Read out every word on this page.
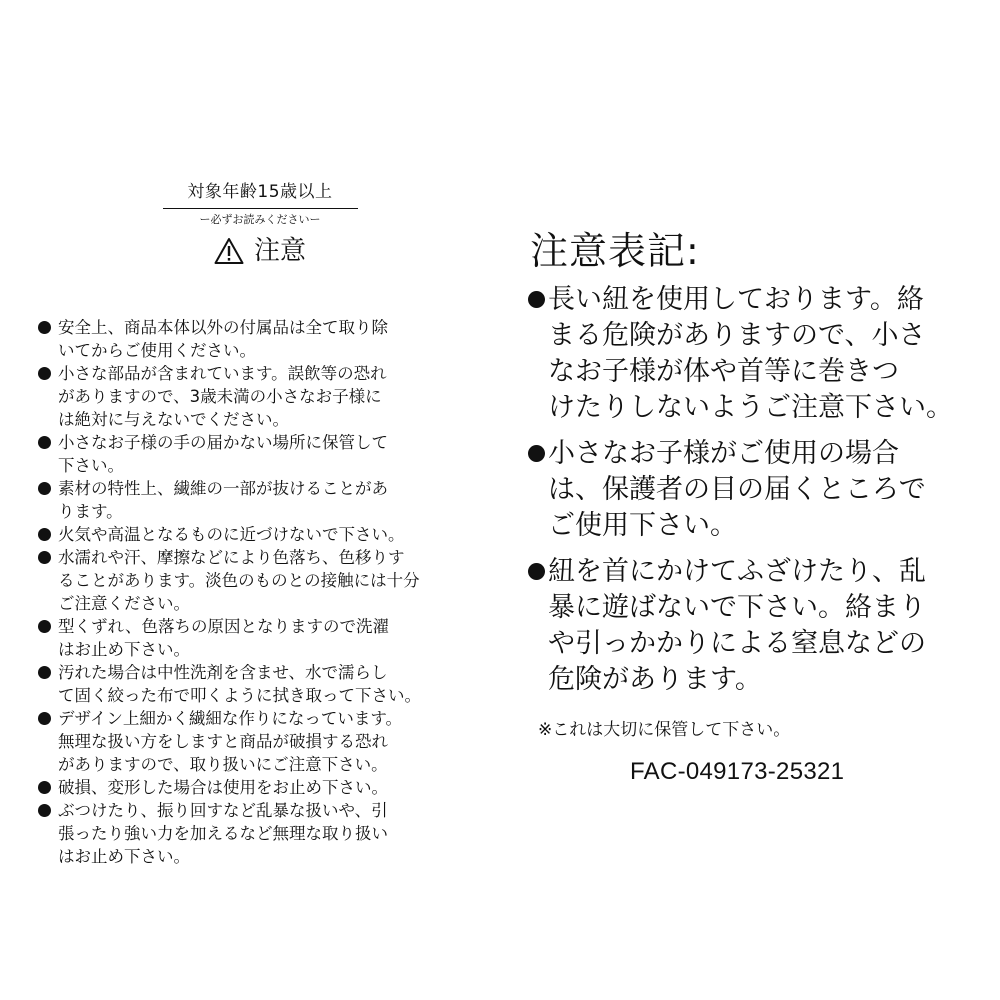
対象年齢15歳以上
ー必ずお読みくださいー
注意
安全上、商品本体以外の付属品は全て取り除
いてからご使用ください。
小さな部品が含まれています。誤飲等の恐れ
がありますので、3歳未満の小さなお子様に
は絶対に与えないでください。
小さなお子様の手の届かない場所に保管して
下さい。
素材の特性上、繊維の一部が抜けることがあ
ります。
火気や高温となるものに近づけないで下さい。
水濡れや汗、摩擦などにより色落ち、色移りす
ることがあります。淡色のものとの接触には十分
ご注意ください。
型くずれ、色落ちの原因となりますので洗濯
はお止め下さい。
汚れた場合は中性洗剤を含ませ、水で濡らし
て固く絞った布で叩くように拭き取って下さい。
デザイン上細かく繊細な作りになっています。
無理な扱い方をしますと商品が破損する恐れ
がありますので、取り扱いにご注意下さい。
破損、変形した場合は使用をお止め下さい。
ぶつけたり、振り回すなど乱暴な扱いや、引
張ったり強い力を加えるなど無理な取り扱い
はお止め下さい。
注意表記:
長い紐を使用しております。絡
まる危険がありますので、小さ
なお子様が体や首等に巻きつ
けたりしないようご注意下さい。
小さなお子様がご使用の場合
は、保護者の目の届くところで
ご使用下さい。
紐を首にかけてふざけたり、乱
暴に遊ばないで下さい。絡まり
や引っかかりによる窒息などの
危険があります。
※これは大切に保管して下さい。
FAC-049173-25321
